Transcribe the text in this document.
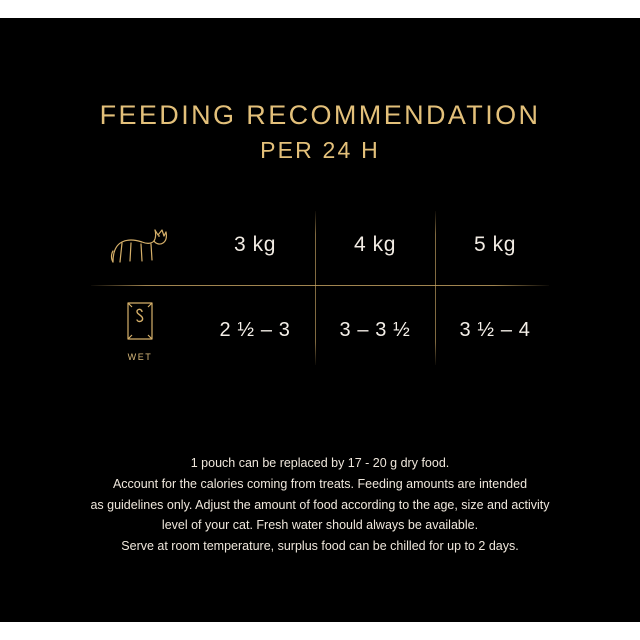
FEEDING RECOMMENDATION
PER 24 H
3 kg	4 kg	5 kg
WET
2 ½ – 3	3 – 3 ½	3 ½ – 4

1 pouch can be replaced by 17 - 20 g dry food.

Account for the calories coming from treats. Feeding amounts are intended

as guidelines only. Adjust the amount of food according to the age, size and activity

level of your cat. Fresh water should always be available.

Serve at room temperature, surplus food can be chilled for up to 2 days.
